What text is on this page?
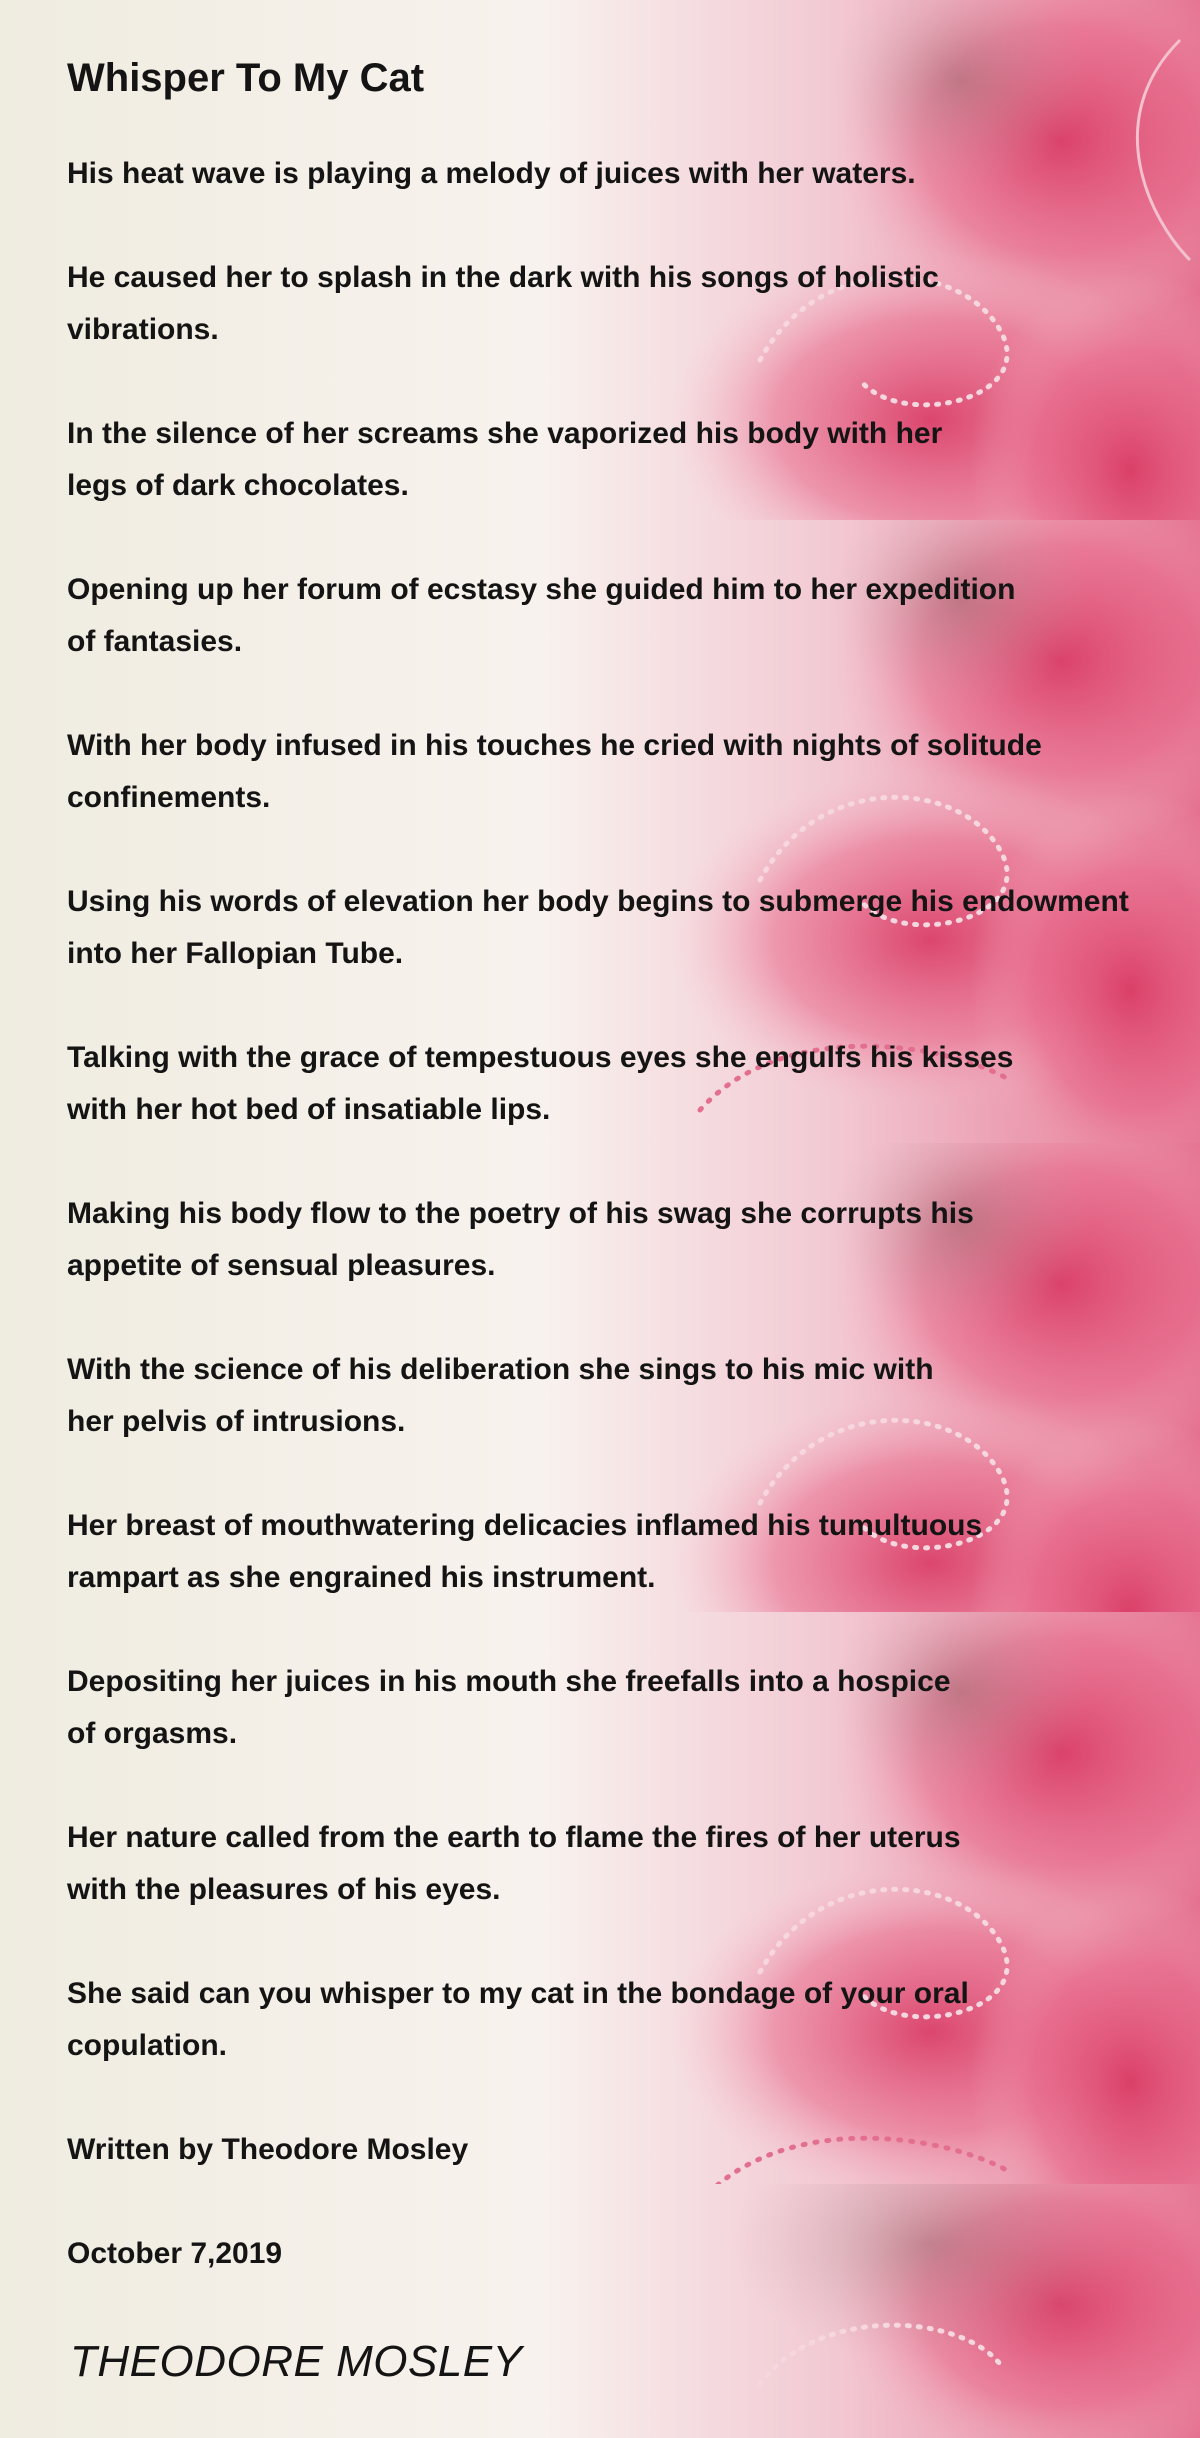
Whisper To My Cat

His heat wave is playing a melody of juices with her waters.

He caused her to splash in the dark with his songs of holistic
vibrations.

In the silence of her screams she vaporized his body with her
legs of dark chocolates.

Opening up her forum of ecstasy she guided him to her expedition
of fantasies.

With her body infused in his touches he cried with nights of solitude
confinements.

Using his words of elevation her body begins to submerge his endowment
into her Fallopian Tube.

Talking with the grace of tempestuous eyes she engulfs his kisses
with her hot bed of insatiable lips.

Making his body flow to the poetry of his swag she corrupts his
appetite of sensual pleasures.

With the science of his deliberation she sings to his mic with
her pelvis of intrusions.

Her breast of mouthwatering delicacies inflamed his tumultuous
rampart as she engrained his instrument.

Depositing her juices in his mouth she freefalls into a hospice
of orgasms.

Her nature called from the earth to flame the fires of her uterus
with the pleasures of his eyes.

She said can you whisper to my cat in the bondage of your oral
copulation.

Written by Theodore Mosley

October 7,2019

THEODORE MOSLEY
